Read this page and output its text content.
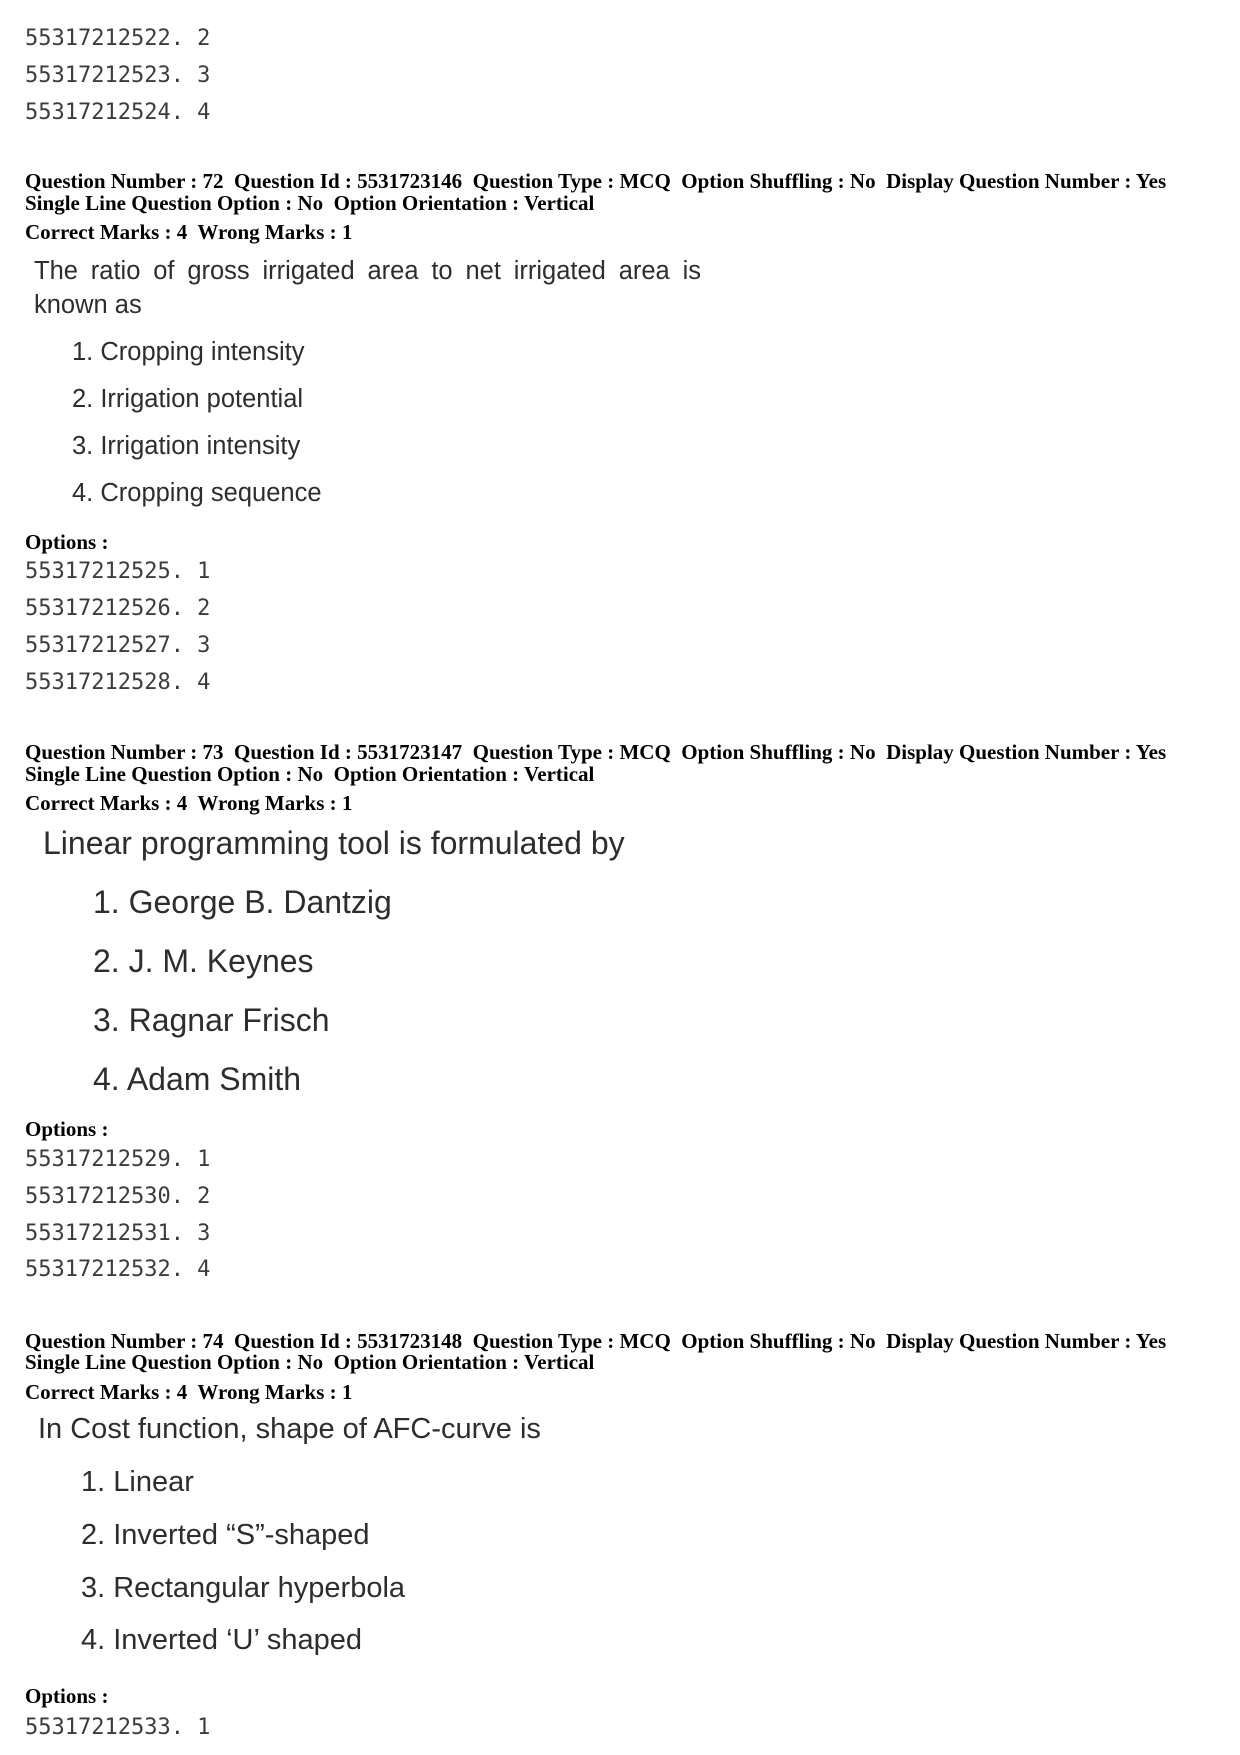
55317212522. 2
55317212523. 3
55317212524. 4
Question Number : 72  Question Id : 5531723146  Question Type : MCQ  Option Shuffling : No  Display Question Number : Yes
Single Line Question Option : No  Option Orientation : Vertical
Correct Marks : 4  Wrong Marks : 1
The ratio of gross irrigated area to net irrigated area is
known as
1. Cropping intensity
2. Irrigation potential
3. Irrigation intensity
4. Cropping sequence
Options :
55317212525. 1
55317212526. 2
55317212527. 3
55317212528. 4
Question Number : 73  Question Id : 5531723147  Question Type : MCQ  Option Shuffling : No  Display Question Number : Yes
Single Line Question Option : No  Option Orientation : Vertical
Correct Marks : 4  Wrong Marks : 1
Linear programming tool is formulated by
1. George B. Dantzig
2. J. M. Keynes
3. Ragnar Frisch
4. Adam Smith
Options :
55317212529. 1
55317212530. 2
55317212531. 3
55317212532. 4
Question Number : 74  Question Id : 5531723148  Question Type : MCQ  Option Shuffling : No  Display Question Number : Yes
Single Line Question Option : No  Option Orientation : Vertical
Correct Marks : 4  Wrong Marks : 1
In Cost function, shape of AFC-curve is
1. Linear
2. Inverted “S”-shaped
3. Rectangular hyperbola
4. Inverted ‘U’ shaped
Options :
55317212533. 1
